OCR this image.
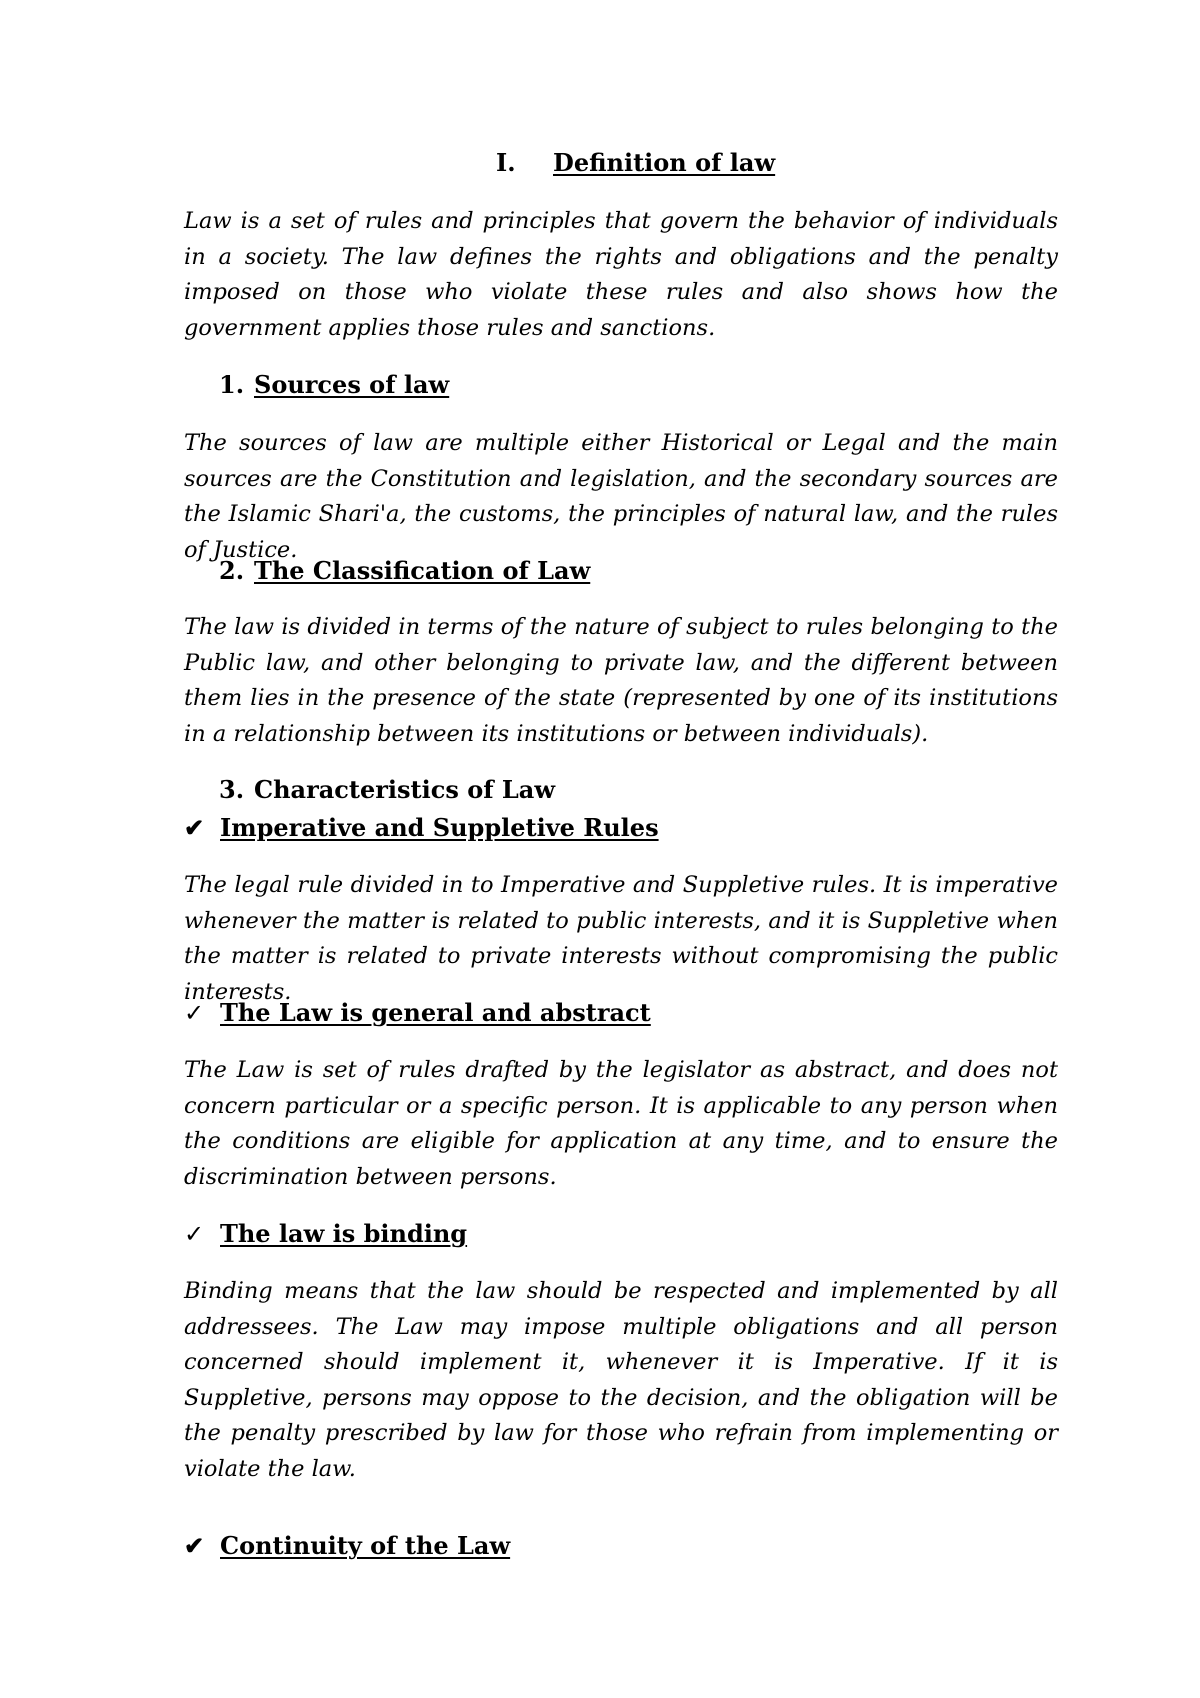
I. Definition of law

Law is a set of rules and principles that govern the behavior of individuals in a society. The law defines the rights and obligations and the penalty imposed on those who violate these rules and also shows how the government applies those rules and sanctions.

1. Sources of law

The sources of law are multiple either Historical or Legal and the main sources are the Constitution and legislation, and the secondary sources are the Islamic Shari'a, the customs, the principles of natural law, and the rules of Justice.

2. The Classification of Law

The law is divided in terms of the nature of subject to rules belonging to the Public law, and other belonging to private law, and the different between them lies in the presence of the state (represented by one of its institutions in a relationship between its institutions or between individuals).

3. Characteristics of Law
✔ Imperative and Suppletive Rules

The legal rule divided in to Imperative and Suppletive rules. It is imperative whenever the matter is related to public interests, and it is Suppletive when the matter is related to private interests without compromising the public interests.

✓ The Law is general and abstract

The Law is set of rules drafted by the legislator as abstract, and does not concern particular or a specific person. It is applicable to any person when the conditions are eligible for application at any time, and to ensure the discrimination between persons.

✓ The law is binding

Binding means that the law should be respected and implemented by all addressees. The Law may impose multiple obligations and all person concerned should implement it, whenever it is Imperative. If it is Suppletive, persons may oppose to the decision, and the obligation will be the penalty prescribed by law for those who refrain from implementing or violate the law.

✔ Continuity of the Law
